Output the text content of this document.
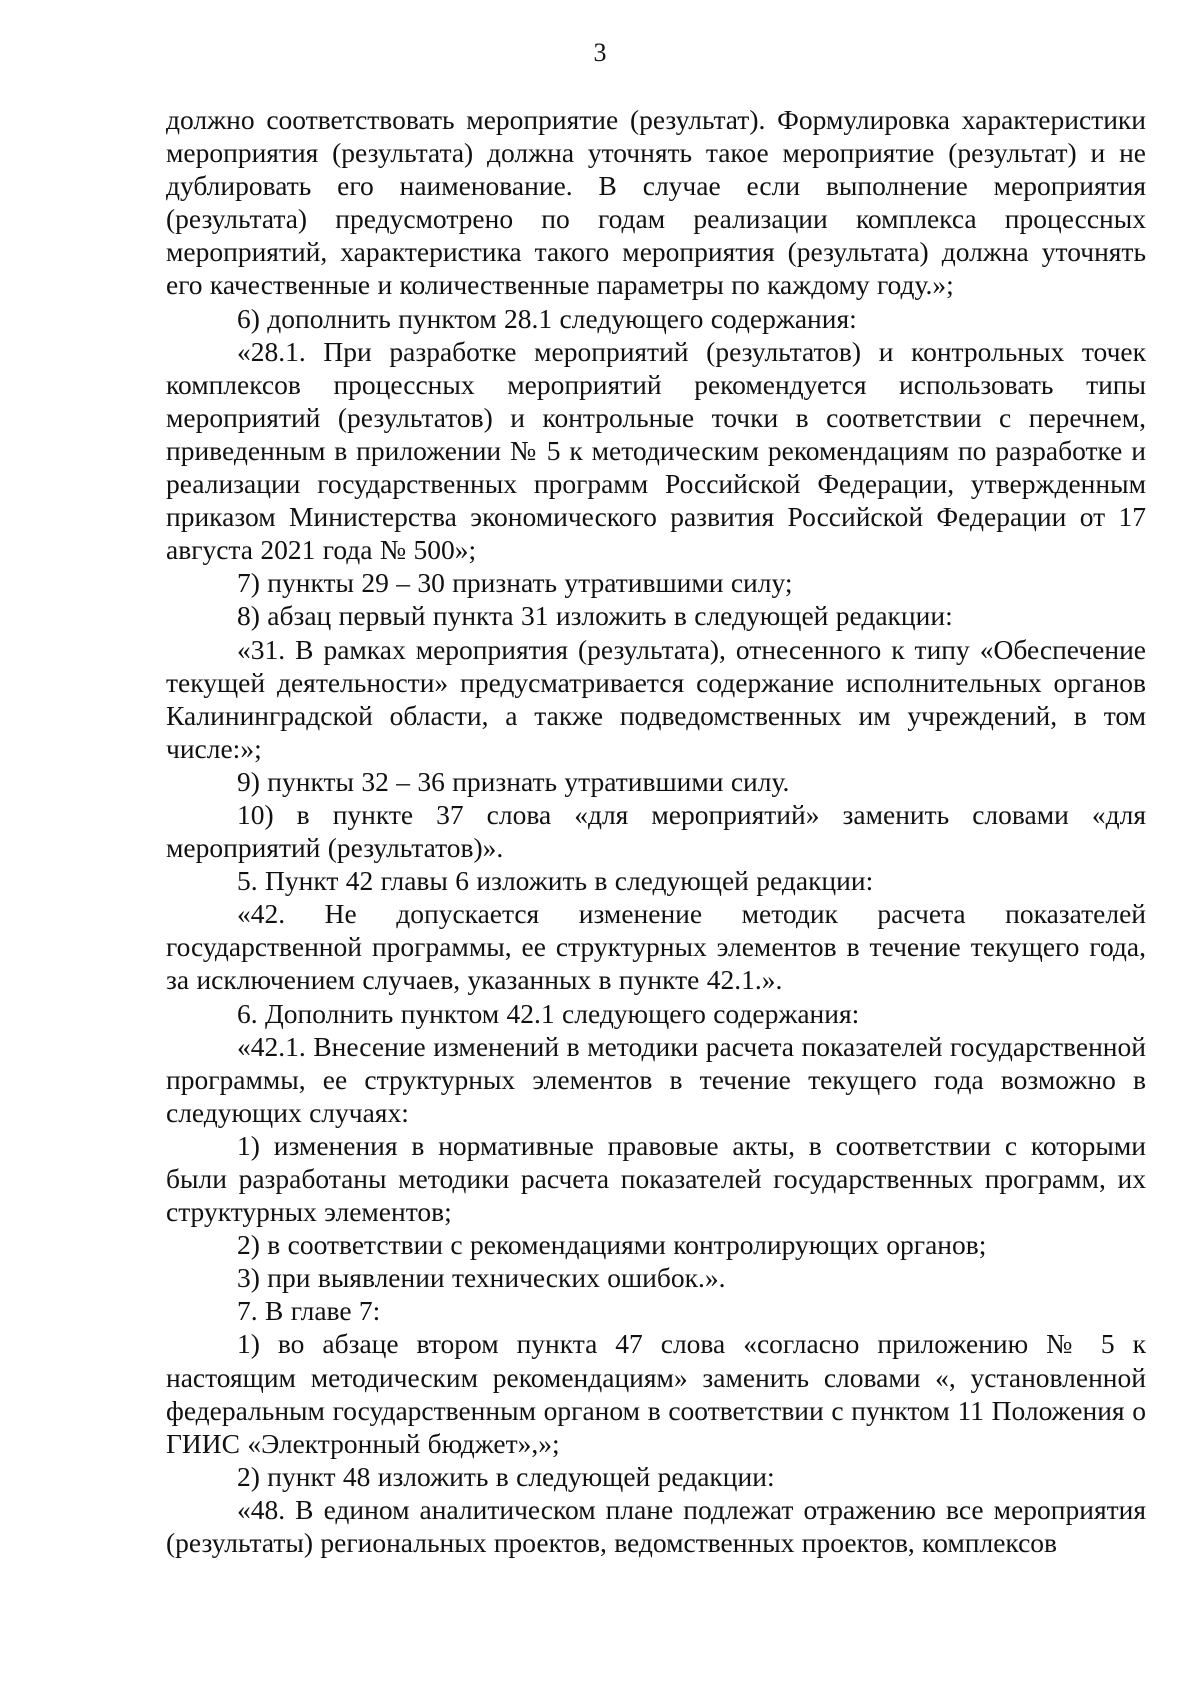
3

должно соответствовать мероприятие (результат). Формулировка характеристики мероприятия (результата) должна уточнять такое мероприятие (результат) и не дублировать его наименование. В случае если выполнение мероприятия (результата) предусмотрено по годам реализации комплекса процессных мероприятий, характеристика такого мероприятия (результата) должна уточнять его качественные и количественные параметры по каждому году.»;

6) дополнить пунктом 28.1 следующего содержания:

«28.1. При разработке мероприятий (результатов) и контрольных точек комплексов процессных мероприятий рекомендуется использовать типы мероприятий (результатов) и контрольные точки в соответствии с перечнем, приведенным в приложении № 5 к методическим рекомендациям по разработке и реализации государственных программ Российской Федерации, утвержденным приказом Министерства экономического развития Российской Федерации от 17 августа 2021 года № 500»;

7) пункты 29 – 30 признать утратившими силу;

8) абзац первый пункта 31 изложить в следующей редакции:

«31. В рамках мероприятия (результата), отнесенного к типу «Обеспечение текущей деятельности» предусматривается содержание исполнительных органов Калининградской области, а также подведомственных им учреждений, в том числе:»;

9) пункты 32 – 36 признать утратившими силу.

10) в пункте 37 слова «для мероприятий» заменить словами «для мероприятий (результатов)».

5. Пункт 42 главы 6 изложить в следующей редакции:

«42. Не допускается изменение методик расчета показателей государственной программы, ее структурных элементов в течение текущего года, за исключением случаев, указанных в пункте 42.1.».

6. Дополнить пунктом 42.1 следующего содержания:

«42.1. Внесение изменений в методики расчета показателей государственной программы, ее структурных элементов в течение текущего года возможно в следующих случаях:

1) изменения в нормативные правовые акты, в соответствии с которыми были разработаны методики расчета показателей государственных программ, их структурных элементов;

2) в соответствии с рекомендациями контролирующих органов;

3) при выявлении технических ошибок.».

7. В главе 7:

1) во абзаце втором пункта 47 слова «согласно приложению № 5 к настоящим методическим рекомендациям» заменить словами «, установленной федеральным государственным органом в соответствии с пунктом 11 Положения о ГИИС «Электронный бюджет»,»;

2) пункт 48 изложить в следующей редакции:

«48. В едином аналитическом плане подлежат отражению все мероприятия (результаты) региональных проектов, ведомственных проектов, комплексов
